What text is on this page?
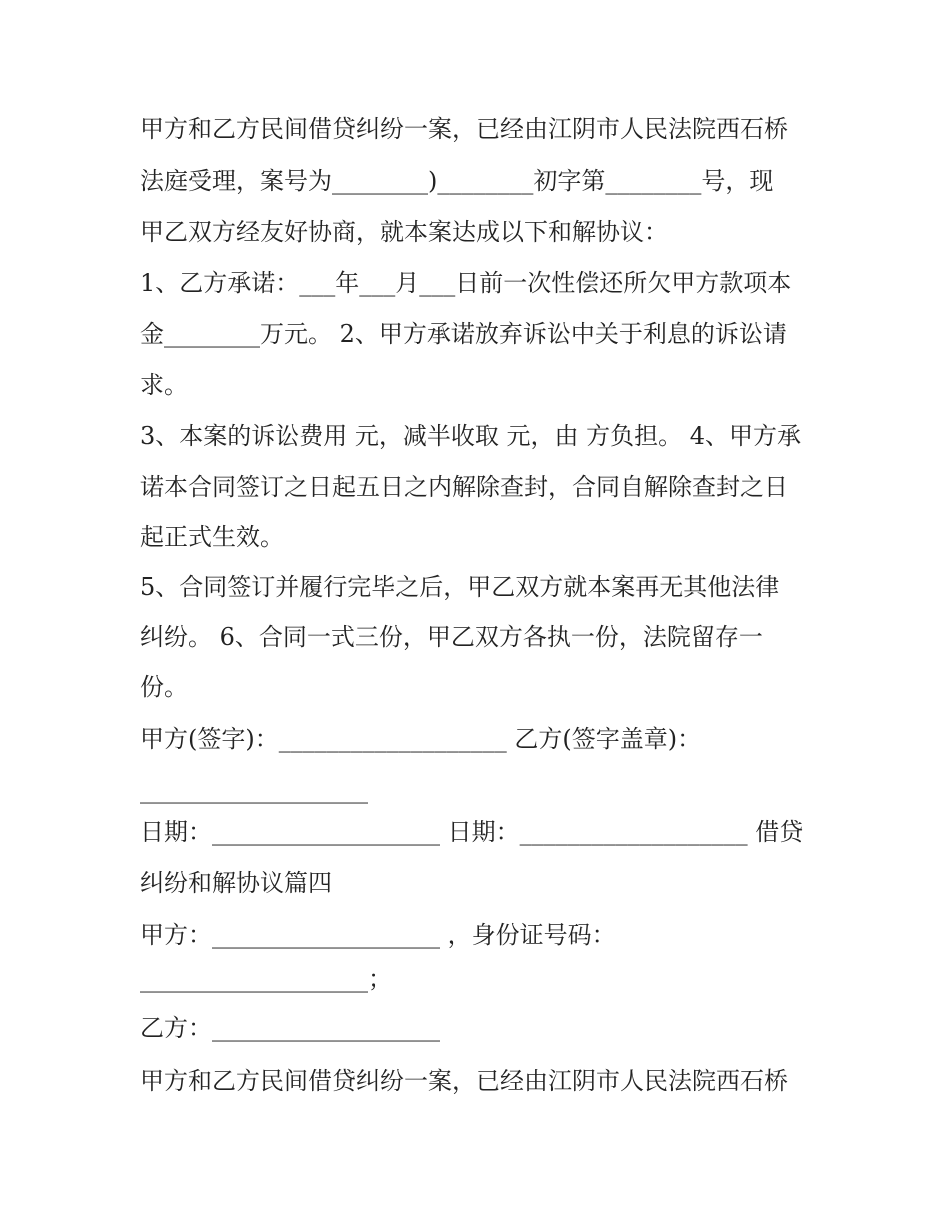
甲方和乙方民间借贷纠纷一案，已经由江阴市人民法院西石桥
法庭受理，案号为________)________初字第________号，现
甲乙双方经友好协商，就本案达成以下和解协议：
1、乙方承诺：___年___月___日前一次性偿还所欠甲方款项本
金________万元。 2、甲方承诺放弃诉讼中关于利息的诉讼请
求。
3、本案的诉讼费用 元，减半收取 元，由 方负担。 4、甲方承
诺本合同签订之日起五日之内解除查封，合同自解除查封之日
起正式生效。
5、合同签订并履行完毕之后，甲乙双方就本案再无其他法律
纠纷。 6、合同一式三份，甲乙双方各执一份，法院留存一
份。
甲方(签字)：___________________ 乙方(签字盖章)：
___________________
日期：___________________ 日期：___________________ 借贷
纠纷和解协议篇四
甲方：___________________ ，身份证号码：
___________________；
乙方：___________________
甲方和乙方民间借贷纠纷一案，已经由江阴市人民法院西石桥
